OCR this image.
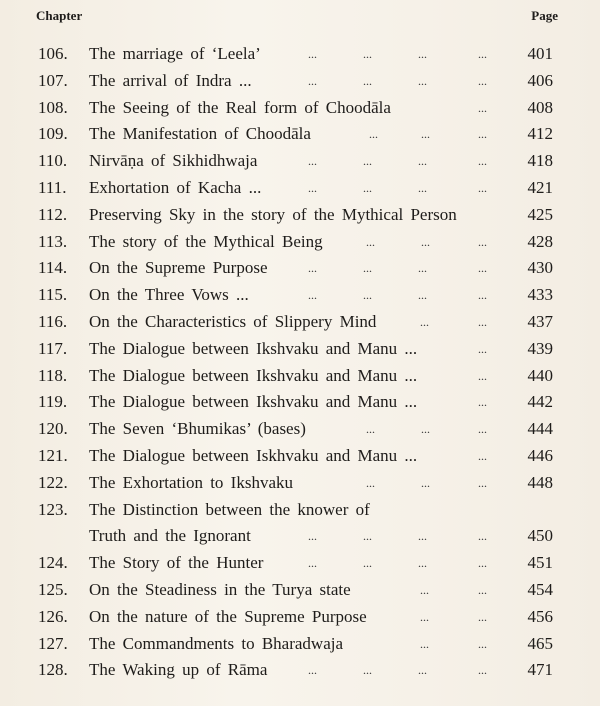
Chapter	Page
106. The marriage of ‘Leela’	...	...	...	... 401
107. The arrival of Indra ...	...	...	...	... 406
108. The Seeing of the Real form of Choodāla	... 408
109. The Manifestation of Choodāla	...	...	... 412
110. Nirvāṇa of Sikhidhwaja	...	...	...	... 418
111. Exhortation of Kacha ...	...	...	...	... 421
112. Preserving Sky in the story of the Mythical Person	425
113. The story of the Mythical Being	...	...	... 428
114. On the Supreme Purpose	...	...	...	... 430
115. On the Three Vows ...	...	...	...	... 433
116. On the Characteristics of Slippery Mind	...	... 437
117. The Dialogue between Ikshvaku and Manu ...	... 439
118. The Dialogue between Ikshvaku and Manu ...	... 440
119. The Dialogue between Ikshvaku and Manu ...	... 442
120. The Seven ‘Bhumikas’ (bases)	...	...	... 444
121. The Dialogue between Iskhvaku and Manu ...	... 446
122. The Exhortation to Ikshvaku	...	...	... 448
123. The Distinction between the knower of
Truth and the Ignorant	...	...	...	... 450
124. The Story of the Hunter	...	...	...	... 451
125. On the Steadiness in the Turya state	...	... 454
126. On the nature of the Supreme Purpose	...	... 456
127. The Commandments to Bharadwaja	...	... 465
128. The Waking up of Rāma	...	...	...	... 471
